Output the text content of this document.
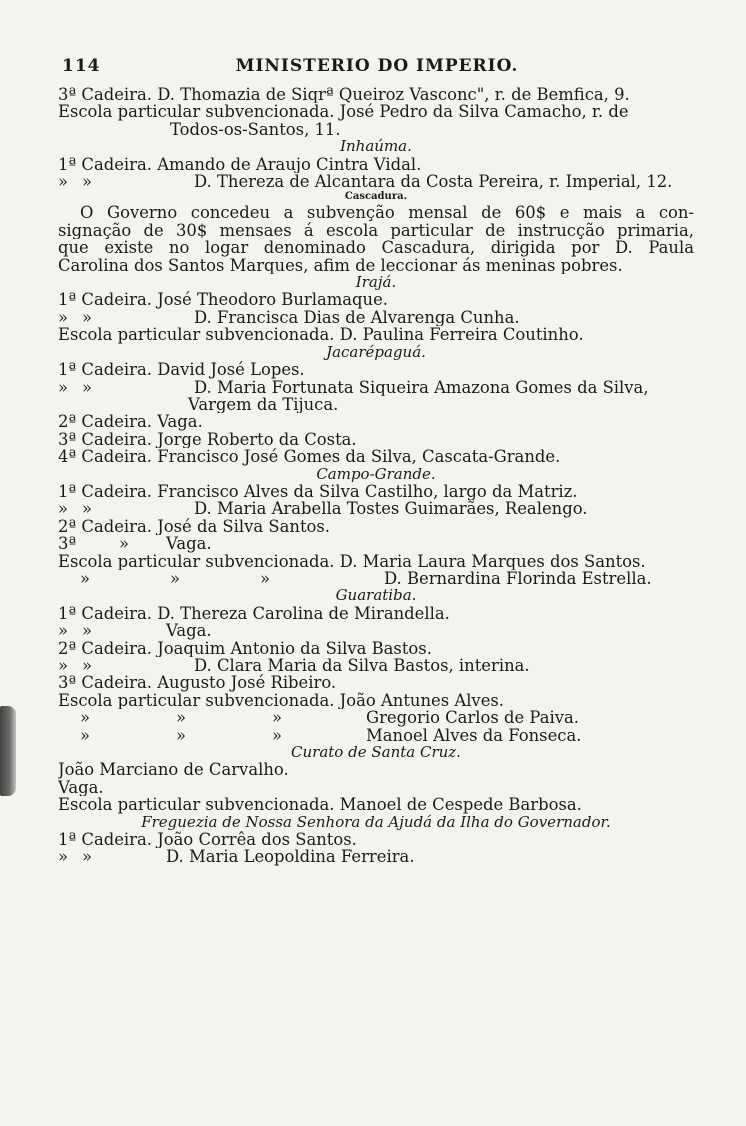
114	MINISTERIO DO IMPERIO.
3ª Cadeira. D. Thomazia de Siqrª Queiroz Vasconc", r. de Bemfica, 9.
Escola particular subvencionada. José Pedro da Silva Camacho, r. de
Todos-os-Santos, 11.
Inhaúma.
1ª Cadeira. Amando de Araujo Cintra Vidal.
» »	D. Thereza de Alcantara da Costa Pereira, r. Imperial, 12.
Cascadura.
O Governo concedeu a subvenção mensal de 60$ e mais a con-
signação de 30$ mensaes á escola particular de instrucção primaria,
que existe no logar denominado Cascadura, dirigida por D. Paula
Carolina dos Santos Marques, afim de leccionar ás meninas pobres.
Irajá.
1ª Cadeira. José Theodoro Burlamaque.
» »	D. Francisca Dias de Alvarenga Cunha.
Escola particular subvencionada. D. Paulina Ferreira Coutinho.
Jacarépaguá.
1ª Cadeira. David José Lopes.
» »	D. Maria Fortunata Siqueira Amazona Gomes da Silva,
Vargem da Tijuca.
2ª Cadeira. Vaga.
3ª Cadeira. Jorge Roberto da Costa.
4ª Cadeira. Francisco José Gomes da Silva, Cascata-Grande.
Campo-Grande.
1ª Cadeira. Francisco Alves da Silva Castilho, largo da Matriz.
» »	D. Maria Arabella Tostes Guimarães, Realengo.
2ª Cadeira. José da Silva Santos.
3ª	» Vaga.
Escola particular subvencionada. D. Maria Laura Marques dos Santos.
»	»	»	D. Bernardina Florinda Estrella.
Guaratiba.
1ª Cadeira. D. Thereza Carolina de Mirandella.
» »	Vaga.
2ª Cadeira. Joaquim Antonio da Silva Bastos.
» »	D. Clara Maria da Silva Bastos, interina.
3ª Cadeira. Augusto José Ribeiro.
Escola particular subvencionada. João Antunes Alves.
»	»	»	Gregorio Carlos de Paiva.
»	»	»	Manoel Alves da Fonseca.
Curato de Santa Cruz.
João Marciano de Carvalho.
Vaga.
Escola particular subvencionada. Manoel de Cespede Barbosa.
Freguezia de Nossa Senhora da Ajudá da Ilha do Governador.
1ª Cadeira. João Corrêa dos Santos.
» »	D. Maria Leopoldina Ferreira.
